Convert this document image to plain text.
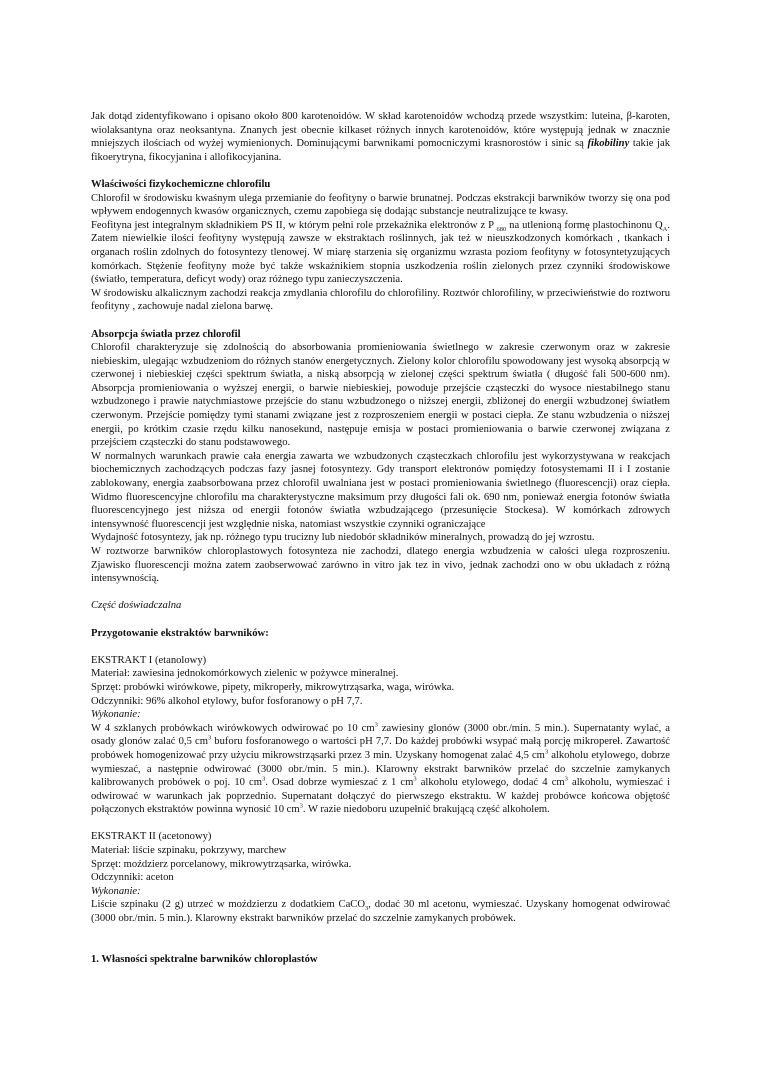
Jak dotąd zidentyfikowano i opisano około 800 karotenoidów. W skład karotenoidów wchodzą przede wszystkim: luteina, β-karoten, wiolaksantyna oraz neoksantyna. Znanych jest obecnie kilkaset różnych innych karotenoidów, które występują jednak w znacznie mniejszych ilościach od wyżej wymienionych. Dominującymi barwnikami pomocniczymi krasnorostów i sinic są fikobiliny takie jak fikoerytryna, fikocyjanina i allofikocyjanina.

Właściwości fizykochemiczne chlorofilu

Chlorofil w środowisku kwaśnym ulega przemianie do feofityny o barwie brunatnej. Podczas ekstrakcji barwników tworzy się ona pod wpływem endogennych kwasów organicznych, czemu zapobiega się dodając substancje neutralizujące te kwasy.

Feofityna jest integralnym składnikiem PS II, w którym pełni role przekaźnika elektronów z P $_{680}$ na utlenioną formę plastochinonu $Q_A$. Zatem niewielkie ilości feofityny występują zawsze w ekstraktach roślinnych, jak też w nieuszkodzonych komórkach , tkankach i organach roślin zdolnych do fotosyntezy tlenowej. W miarę starzenia się organizmu wzrasta poziom feofityny w fotosyntetyzujących komórkach. Stężenie feofityny może być także wskaźnikiem stopnia uszkodzenia roślin zielonych przez czynniki środowiskowe (światło, temperatura, deficyt wody) oraz różnego typu zanieczyszczenia.

W środowisku alkalicznym zachodzi reakcja zmydlania chlorofilu do chlorofiliny. Roztwór chlorofiliny, w przeciwieństwie do roztworu feofityny , zachowuje nadal zielona barwę.

Absorpcja światła przez chlorofil

Chlorofil charakteryzuje się zdolnością do absorbowania promieniowania świetlnego w zakresie czerwonym oraz w zakresie niebieskim, ulegając wzbudzeniom do różnych stanów energetycznych. Zielony kolor chlorofilu spowodowany jest wysoką absorpcją w czerwonej i niebieskiej części spektrum światła, a niską absorpcją w zielonej części spektrum światła ( długość fali 500-600 nm). Absorpcja promieniowania o wyższej energii, o barwie niebieskiej, powoduje przejście cząsteczki do wysoce niestabilnego stanu wzbudzonego i prawie natychmiastowe przejście do stanu wzbudzonego o niższej energii, zbliżonej do energii wzbudzonej światłem czerwonym. Przejście pomiędzy tymi stanami związane jest z rozproszeniem energii w postaci ciepła. Ze stanu wzbudzenia o niższej energii, po krótkim czasie rzędu kilku nanosekund, następuje emisja w postaci promieniowania o barwie czerwonej związana z przejściem cząsteczki do stanu podstawowego.

W normalnych warunkach prawie cała energia zawarta we wzbudzonych cząsteczkach chlorofilu jest wykorzystywana w reakcjach biochemicznych zachodzących podczas fazy jasnej fotosyntezy. Gdy transport elektronów pomiędzy fotosystemami II i I zostanie zablokowany, energia zaabsorbowana przez chlorofil uwalniana jest w postaci promieniowania świetlnego (fluorescencji) oraz ciepła. Widmo fluorescencyjne chlorofilu ma charakterystyczne maksimum przy długości fali ok. 690 nm, ponieważ energia fotonów światła fluorescencyjnego jest niższa od energii fotonów światła wzbudzającego (przesunięcie Stockesa). W komórkach zdrowych intensywność fluorescencji jest względnie niska, natomiast wszystkie czynniki ograniczające

Wydajność fotosyntezy, jak np. różnego typu trucizny lub niedobór składników mineralnych, prowadzą do jej wzrostu.

W roztworze barwników chloroplastowych fotosynteza nie zachodzi, dlatego energia wzbudzenia w całości ulega rozproszeniu. Zjawisko fluorescencji można zatem zaobserwować zarówno in vitro jak tez in vivo, jednak zachodzi ono w obu układach z różną intensywnością.

Część doświadczalna

Przygotowanie ekstraktów barwników:

EKSTRAKT I (etanolowy)

Materiał: zawiesina jednokomórkowych zielenic w pożywce mineralnej.

Sprzęt: probówki wirówkowe, pipety, mikroperły, mikrowytrząsarka, waga, wirówka.

Odczynniki: 96% alkohol etylowy, bufor fosforanowy o pH 7,7.

Wykonanie:

W 4 szklanych probówkach wirówkowych odwirować po 10 $cm^3$ zawiesiny glonów (3000 obr./min. 5 min.). Supernatanty wylać, a osady glonów zalać 0,5 $cm^3$ buforu fosforanowego o wartości pH 7,7. Do każdej probówki wsypać małą porcję mikropereł. Zawartość probówek homogenizować przy użyciu mikrowstrząsarki przez 3 min. Uzyskany homogenat zalać 4,5 $cm^3$ alkoholu etylowego, dobrze wymieszać, a następnie odwirować (3000 obr./min. 5 min.). Klarowny ekstrakt barwników przelać do szczelnie zamykanych kalibrowanych probówek o poj. 10 $cm^3$. Osad dobrze wymieszać z 1 $cm^3$ alkoholu etylowego, dodać 4 $cm^3$ alkoholu, wymieszać i odwirować w warunkach jak poprzednio. Supernatant dołączyć do pierwszego ekstraktu. W każdej probówce końcowa objętość połączonych ekstraktów powinna wynosić 10 $cm^3$. W razie niedoboru uzupełnić brakującą część alkoholem.

EKSTRAKT II (acetonowy)

Materiał: liście szpinaku, pokrzywy, marchew

Sprzęt: moździerz porcelanowy, mikrowytrząsarka, wirówka.

Odczynniki: aceton

Wykonanie:

Liście szpinaku (2 g) utrzeć w moździerzu z dodatkiem CaCO$_3$, dodać 30 ml acetonu, wymieszać. Uzyskany homogenat odwirować (3000 obr./min. 5 min.). Klarowny ekstrakt barwników przelać do szczelnie zamykanych probówek.

1. Własności spektralne barwników chloroplastów
